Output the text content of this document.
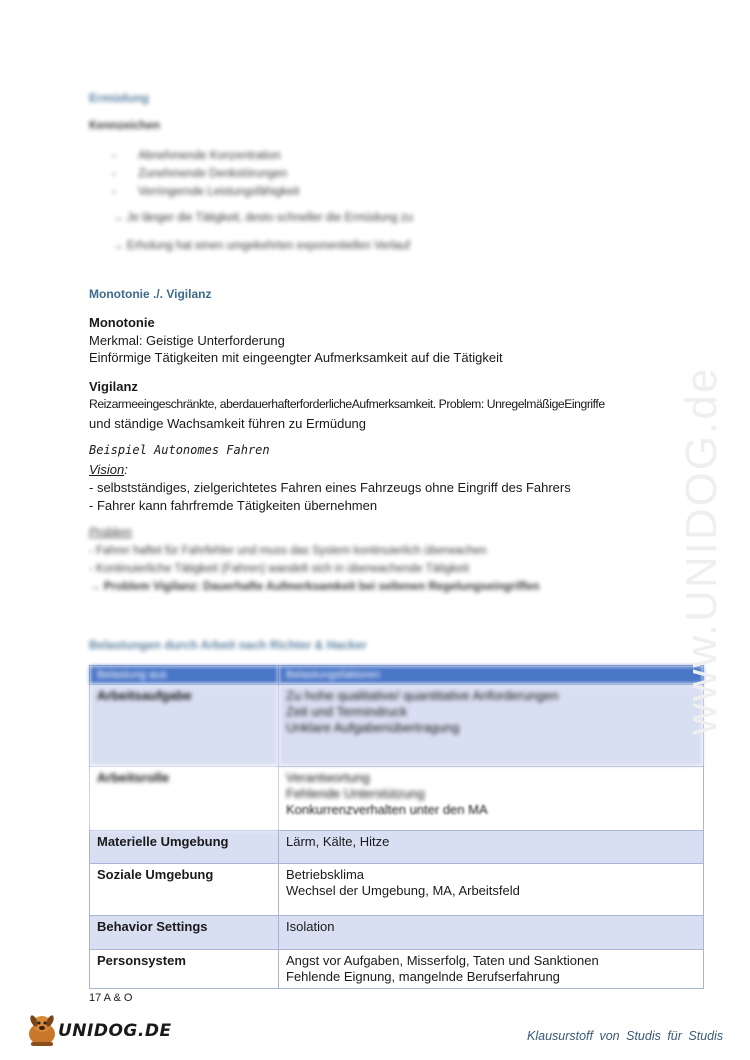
Ermüdung
Kennzeichen
-       Abnehmende Konzentration
-       Zunehmende Denkstörungen
-       Verringernde Leistungsfähigkeit
→ Je länger die Tätigkeit, desto schneller die Ermüdung zu
→ Erholung hat einen umgekehrten exponentiellen Verlauf
Monotonie ./. Vigilanz
Monotonie
Merkmal: Geistige Unterforderung
Einförmige Tätigkeiten mit eingeengter Aufmerksamkeit auf die Tätigkeit
Vigilanz
Reizarmeeingeschränkte, aberdauerhafterforderlicheAufmerksamkeit. Problem: UnregelmäßigeEingriffe
und ständige Wachsamkeit führen zu Ermüdung
Beispiel Autonomes Fahren
Vision:
- selbstständiges, zielgerichtetes Fahren eines Fahrzeugs ohne Eingriff des Fahrers
- Fahrer kann fahrfremde Tätigkeiten übernehmen
Problem
- Fahrer haftet für Fahrfehler und muss das System kontinuierlich überwachen
- Kontinuierliche Tätigkeit (Fahren) wandelt sich in überwachende Tätigkeit
→ Problem Vigilanz: Dauerhafte Aufmerksamkeit bei seltenen Regelungseingriffen
Belastungen durch Arbeit nach Richter & Hacker
Belastung aus	Belastungsfaktoren
Arbeitsaufgabe	Zu hohe qualitative/ quantitative Anforderungen
Zeit und Termindruck
Unklare Aufgabenübertragung

Arbeitsrolle	Verantwortung
Fehlende Unterstützung
Konkurrenzverhalten unter den MA

Materielle Umgebung	Lärm, Kälte, Hitze

Soziale Umgebung	Betriebsklima
Wechsel der Umgebung, MA, Arbeitsfeld

Behavior Settings	Isolation

Personsystem	Angst vor Aufgaben, Misserfolg, Taten und Sanktionen
Fehlende Eignung, mangelnde Berufserfahrung
17 A & O
UNIDOG.DE	Klausurstoff von Studis für Studis
www.UNIDOG.de
